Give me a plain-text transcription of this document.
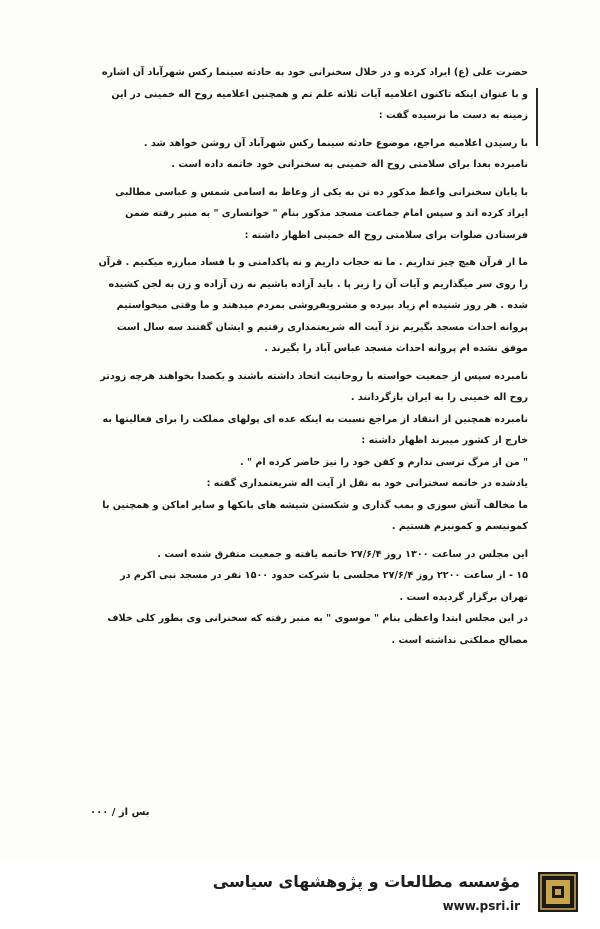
حضرت علی (ع) ایراد کرده و در خلال سخنرانی خود به حادثه سینما رکس شهرآباد آن اشاره و با عنوان اینکه تاکنون اعلامیه آیات ثلاثه علم تم و همچنین اعلامیه روح اله خمینی در این زمینه به دست ما نرسیده گفت :

با رسیدن اعلامیه مراجع، موضوع حادثه سینما رکس شهرآباد آن روشن خواهد شد .

نامبرده بعدا برای سلامتی روح اله خمینی به سخنرانی خود خاتمه داده است .

با پایان سخنرانی واعظ مذکور ده تن به یکی از وعاظ به اسامی شمس و عباسی مطالبی ایراد کرده اند و سپس امام جماعت مسجد مذکور بنام " خوانساری " به منبر رفته ضمن فرستادن صلوات برای سلامتی روح اله خمینی اظهار داشته :

ما از قرآن هیچ چیز نداریم . ما نه حجاب داریم و نه پاکدامنی و با فساد مبارزه میکنیم . قرآن را روی سر میگذاریم و آیات آن را زیر پا . باید آزاده باشیم نه زن آزاده و زن به لجن کشیده شده . هر روز شنیده ام زیاد بپرده و مشروبفروشی بمردم میدهند و ما وقتی میخواستیم پروانه احداث مسجد بگیریم نزد آیت اله شریعتمداری رفتیم و ایشان گفتند سه سال است موفق نشده ام پروانه احداث مسجد عباس آباد را بگیرند .

نامبرده سپس از جمعیت خواسته با روحانیت اتحاد داشته باشند و یکصدا بخواهند هرچه زودتر روح اله خمینی را به ایران بازگردانند .

نامبرده همچنین از انتقاد از مراجع نسبت به اینکه عده ای پولهای مملکت را برای فعالیتها به خارج از کشور میبرند اظهار داشته :

" من از مرگ ترسی ندارم و کفن خود را نیز حاضر کرده ام " .

یادشده در خاتمه سخنرانی خود به نقل از آیت اله شریعتمداری گفته :

ما مخالف آتش سوزی و بمب گذاری و شکستن شیشه های بانکها و سایر اماکن و همچنین با کمونیسم و کمونیزم هستیم .

این مجلس در ساعت ۱۳۰۰ روز ۲۷/۶/۴ خاتمه یافته و جمعیت متفرق شده است .

۱۵ - از ساعت ۲۲۰۰ روز ۲۷/۶/۴ مجلسی با شرکت حدود ۱۵۰۰ نفر در مسجد نبی اکرم در تهران برگزار گردیده است .

در این مجلس ابتدا واعظی بنام " موسوی " به منبر رفته که سخنرانی وی بطور کلی خلاف مصالح مملکتی نداشته است .

بس از / ۰۰۰
مؤسسه مطالعات و پژوهشهای سیاسی
www.psri.ir
